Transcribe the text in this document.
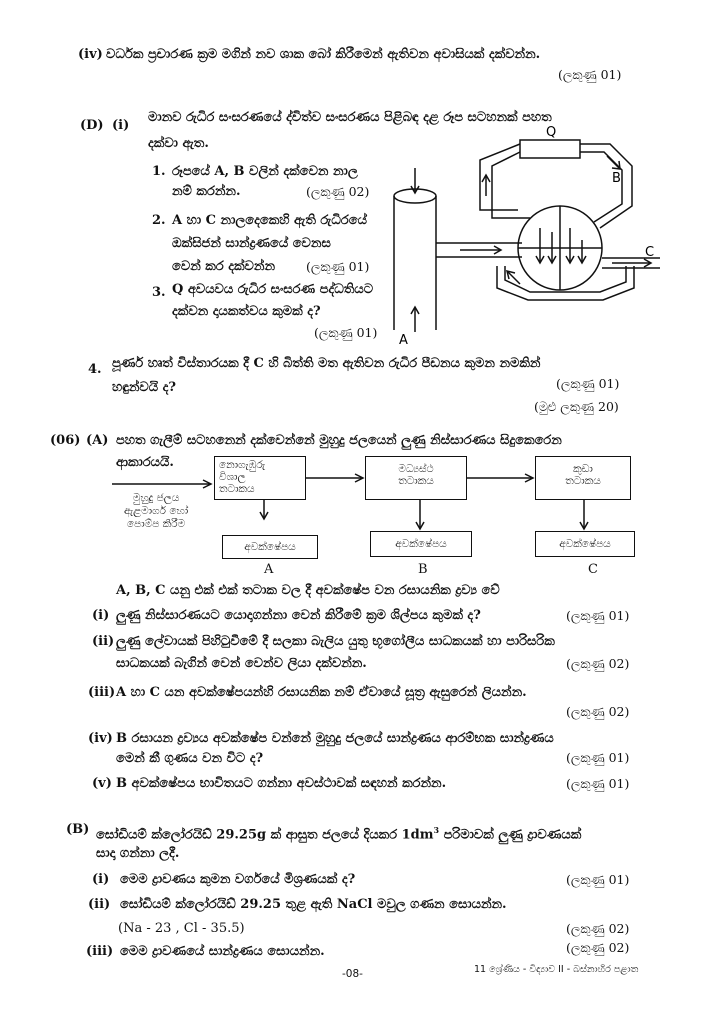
(iv) වර්ධක ප්‍රචාරණ ක්‍රම මගින් නව ශාක බෝ කිරීමෙන් ඇතිවන අවාසියක් දක්වන්න.
(ලකුණු 01)
(D) (i)
මානව රුධිර සංසරණයේ ද්විත්ව සංසරණය පිළිබඳ දළ රූප සටහනක් පහත
දක්වා ඇත.
1. රූපයේ A, B වලින් දක්වෙන නාල
නම් කරන්න.	(ලකුණු 02)
2. A හා C නාලදෙකෙහි ඇති රුධිරයේ
ඔක්සිජන් සාන්ද්‍රණයේ වෙනස
වෙන් කර දක්වන්න (ලකුණු 01)
3. Q අවයවය රුධිර සංසරණ පද්ධතියට
දක්වන දායකත්වය කුමක් ද?
(ලකුණු 01)
Q
B
C
A
4. පූර්ණ හෘත් විස්තාරයක දී C හි බිත්ති මත ඇතිවන රුධිර පීඩනය කුමන නමකින්
හඳුන්වයි ද?	(ලකුණු 01)
(මුළු ලකුණු 20)
(06) (A) පහත ගැලීම් සටහනෙන් දක්වෙන්නේ මුහුදු ජලයෙන් ලුණු නිස්සාරණය සිදුකෙරෙන
ආකාරයයි.
මුහුදු ජලය
ඇළමාර්ග හෝ
පොම්ප කිරීම
නොගැඹුරු
විශාල
තටාකය
මධ්‍යස්ථ
තටාකය
කුඩා
තටාකය
අවක්ෂේපය	අවක්ෂේපය	අවක්ෂේපය
A	B	C
A, B, C යනු එක් එක් තටාක වල දී අවක්ෂේප වන රසායනික ද්‍රව්‍ය වේ
(i) ලුණු නිස්සාරණයට යොදාගන්නා වෙන් කිරීමේ ක්‍රම ශිල්පය කුමක් ද?	(ලකුණු 01)
(ii) ලුණු ලේවායක් පිහිටුවීමේ දී සලකා බැලිය යුතු භූගෝලීය සාධකයක් හා පාරිසරික
සාධකයක් බැගින් වෙන් වෙන්ව ලියා දක්වන්න.	(ලකුණු 02)
(iii) A හා C යන අවක්ෂේපයන්හි රසායනික නම් ඒවායේ සූත්‍ර ඇසුරෙන් ලියන්න.
(ලකුණු 02)
(iv) B රසායන ද්‍රව්‍යය අවක්ෂේප වන්නේ මුහුදු ජලයේ සාන්ද්‍රණය ආරම්භක සාන්ද්‍රණය
මෙන් කී ගුණය වන විට ද?	(ලකුණු 01)
(v) B අවක්ෂේපය භාවිතයට ගන්නා අවස්ථාවක් සඳහන් කරන්න.	(ලකුණු 01)
(B) සෝඩියම් ක්ලෝරයිඩ් 29.25g ක් ආසුත ජලයේ දියකර $1dm^3$ පරිමාවක් ලුණු ද්‍රාවණයක්
සාදා ගන්නා ලදී.
(i) මෙම ද්‍රාවණය කුමන වර්ගයේ මිශ්‍රණයක් ද?	(ලකුණු 01)
(ii) සෝඩියම් ක්ලෝරයිඩ් 29.25 තුළ ඇති NaCl මවුල ගණන සොයන්න.
(Na - 23 , Cl - 35.5)	(ලකුණු 02)
(iii) මෙම ද්‍රාවණයේ සාන්ද්‍රණය සොයන්න.	(ලකුණු 02)
-08-	11 ශ්‍රේණිය - විද්‍යාව II - බස්නාහිර පළාත
